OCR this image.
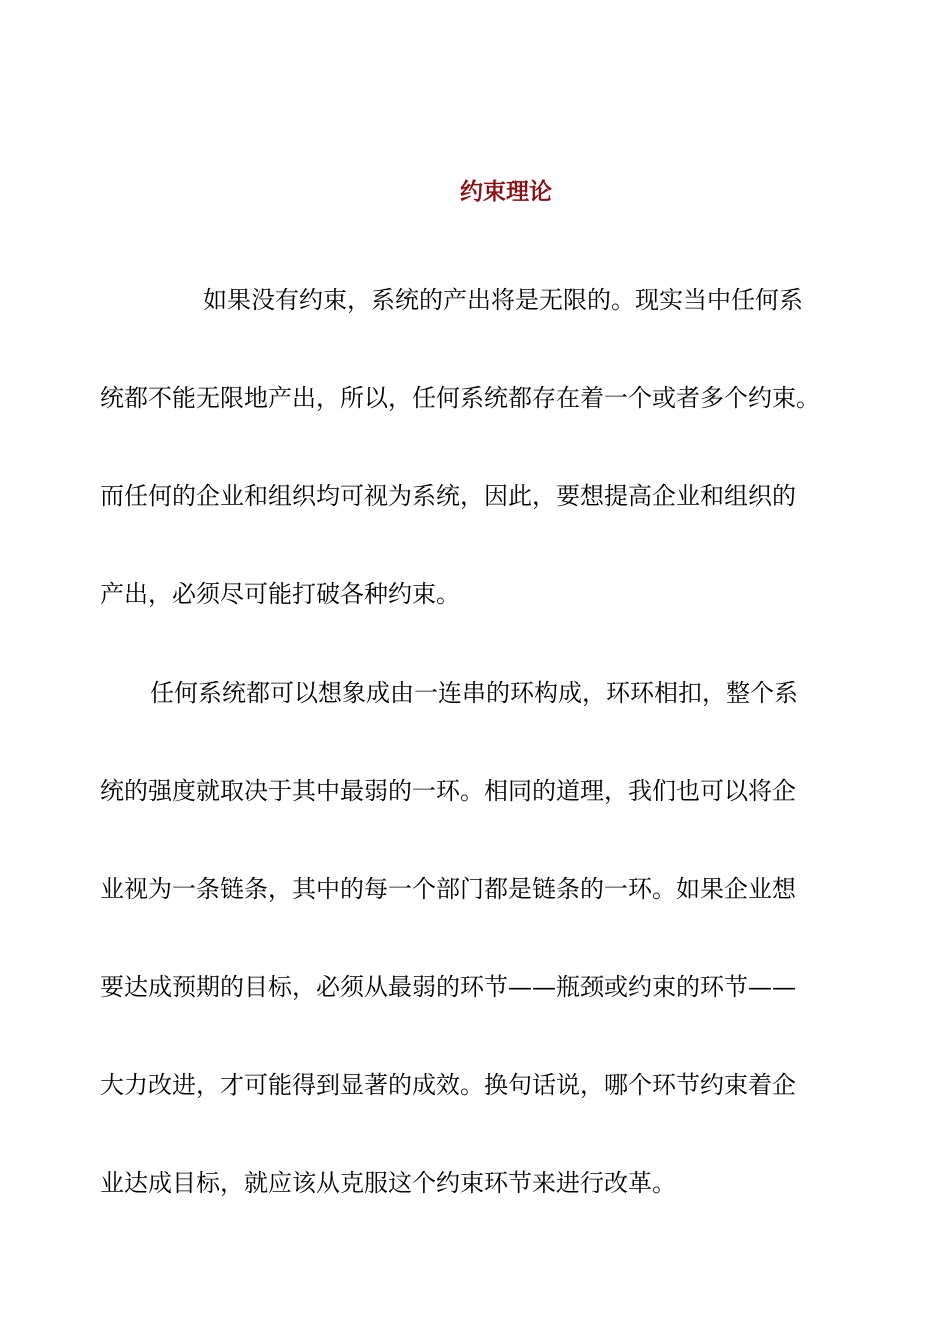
约束理论
如果没有约束，系统的产出将是无限的。现实当中任何系
统都不能无限地产出，所以，任何系统都存在着一个或者多个约束。
而任何的企业和组织均可视为系统，因此，要想提高企业和组织的
产出，必须尽可能打破各种约束。
任何系统都可以想象成由一连串的环构成，环环相扣，整个系
统的强度就取决于其中最弱的一环。相同的道理，我们也可以将企
业视为一条链条，其中的每一个部门都是链条的一环。如果企业想
要达成预期的目标，必须从最弱的环节——瓶颈或约束的环节——
大力改进，才可能得到显著的成效。换句话说，哪个环节约束着企
业达成目标，就应该从克服这个约束环节来进行改革。
